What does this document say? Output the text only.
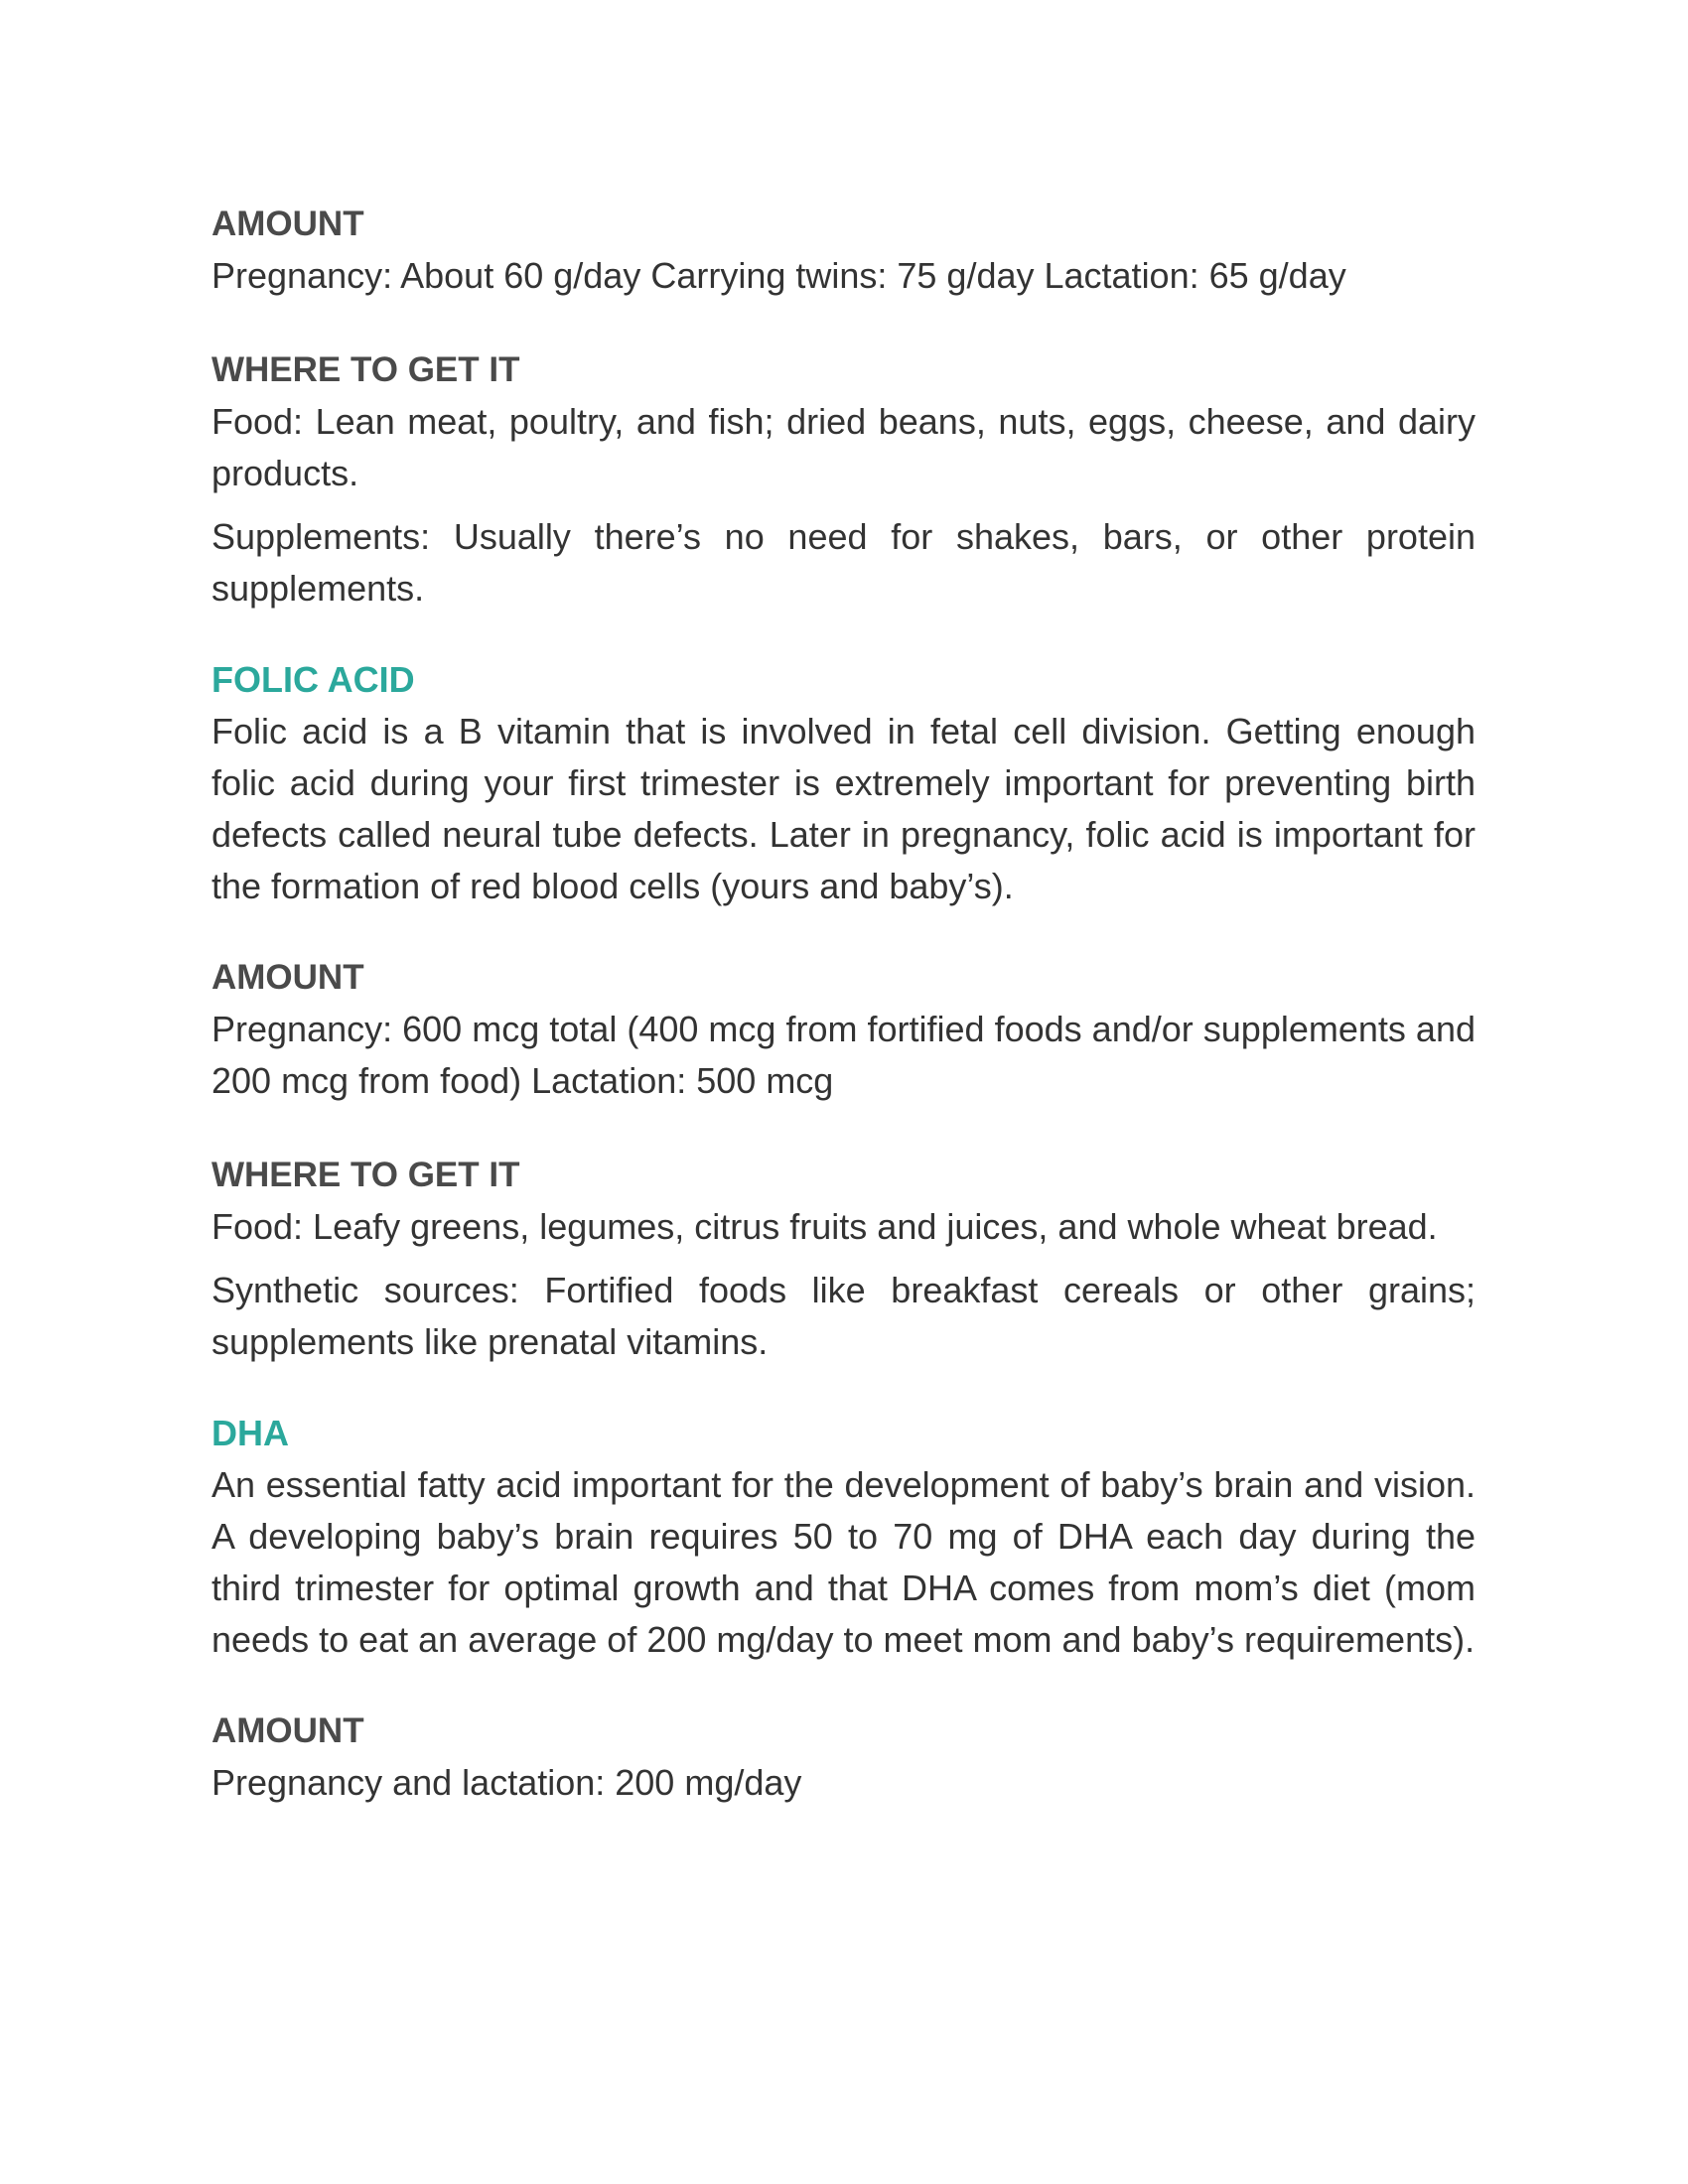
AMOUNT

Pregnancy: About 60 g/day Carrying twins: 75 g/day Lactation: 65 g/day

WHERE TO GET IT

Food: Lean meat, poultry, and fish; dried beans, nuts, eggs, cheese, and dairy products.

Supplements: Usually there’s no need for shakes, bars, or other protein supplements.

FOLIC ACID

Folic acid is a B vitamin that is involved in fetal cell division. Getting enough folic acid during your first trimester is extremely important for preventing birth defects called neural tube defects. Later in pregnancy, folic acid is important for the formation of red blood cells (yours and baby’s).

AMOUNT

Pregnancy: 600 mcg total (400 mcg from fortified foods and/or supplements and 200 mcg from food) Lactation: 500 mcg

WHERE TO GET IT

Food: Leafy greens, legumes, citrus fruits and juices, and whole wheat bread.

Synthetic sources: Fortified foods like breakfast cereals or other grains; supplements like prenatal vitamins.

DHA

An essential fatty acid important for the development of baby’s brain and vision. A developing baby’s brain requires 50 to 70 mg of DHA each day during the third trimester for optimal growth and that DHA comes from mom’s diet (mom needs to eat an average of 200 mg/day to meet mom and baby’s requirements).

AMOUNT

Pregnancy and lactation: 200 mg/day
